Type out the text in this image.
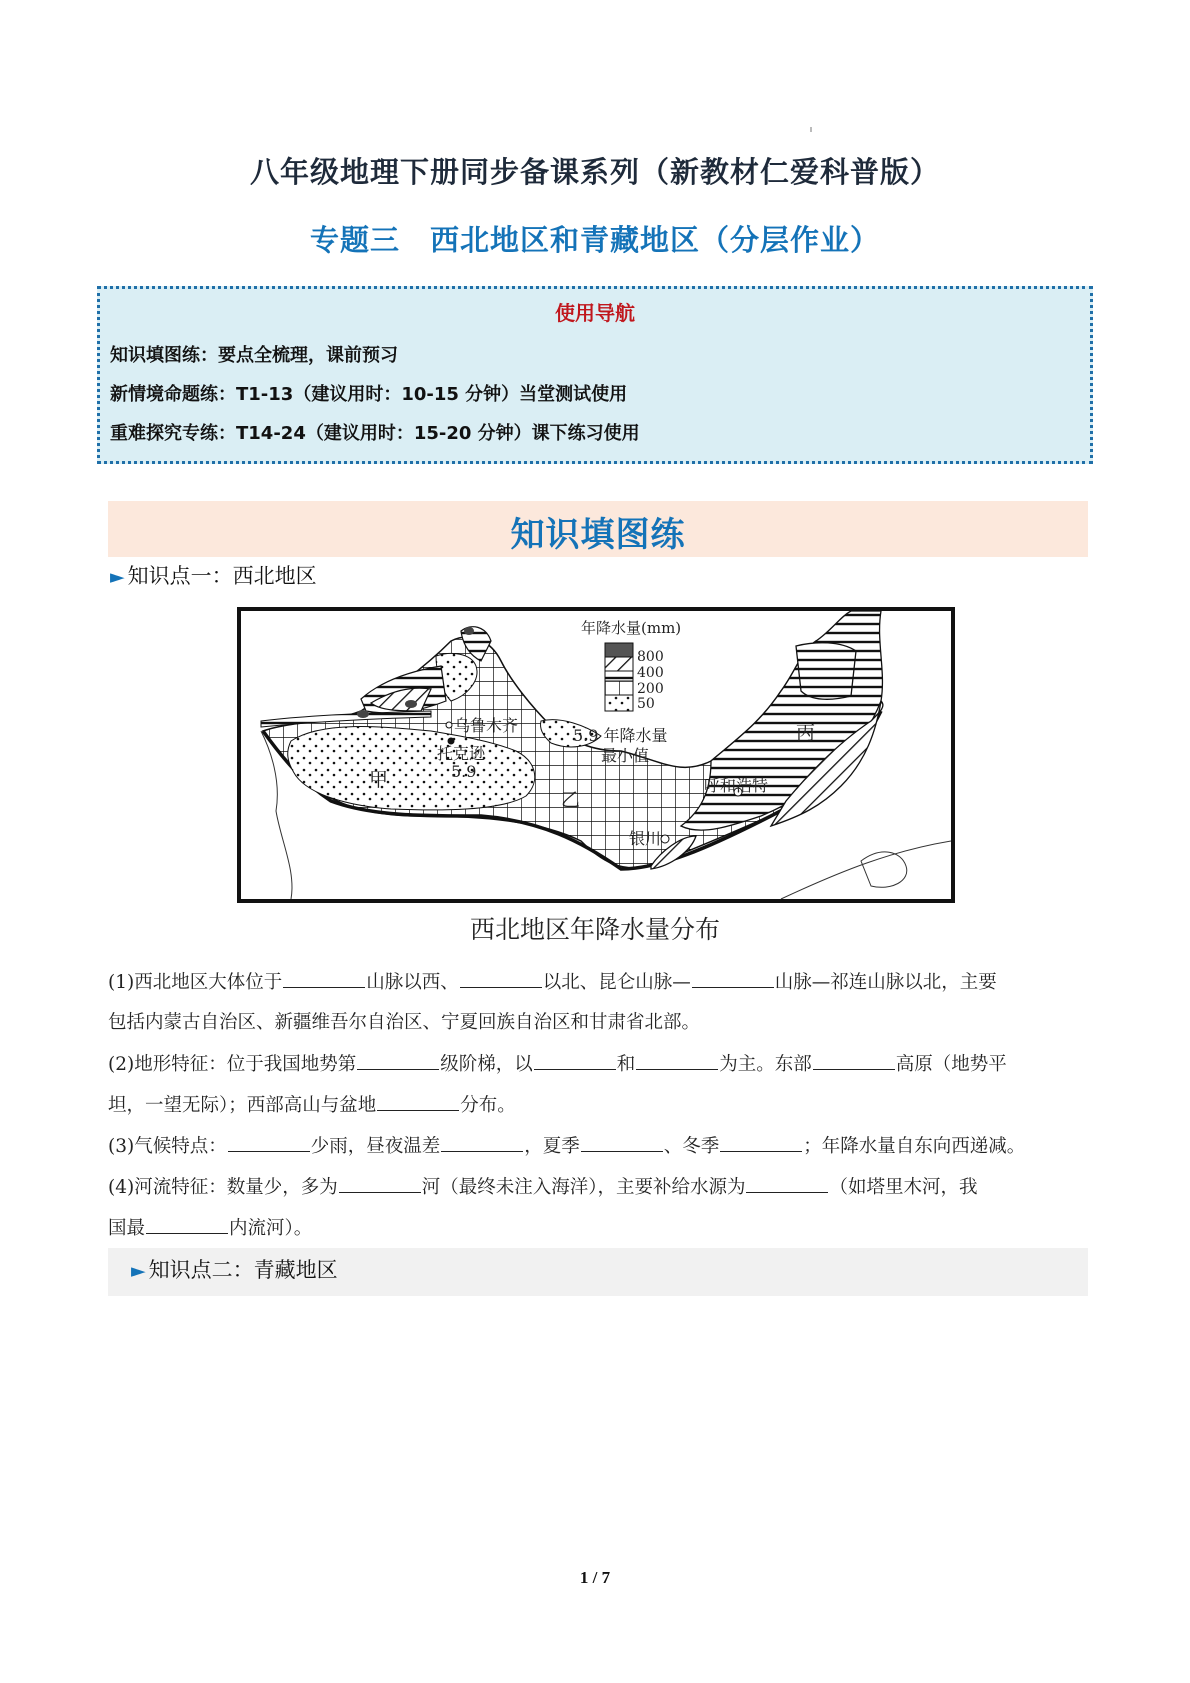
八年级地理下册同步备课系列（新教材仁爱科普版）
专题三　西北地区和青藏地区（分层作业）
使用导航
知识填图练：要点全梳理，课前预习
新情境命题练：T1-13（建议用时：10-15 分钟）当堂测试使用
重难探究专练：T14-24（建议用时：15-20 分钟）课下练习使用
知识填图练
► 知识点一：西北地区
年降水量(mm)
800
400
200
50
5.9 年降水量
最小值
乌鲁木齐
托克逊
5.9
呼和浩特
银川
甲
乙
丙
西北地区年降水量分布
(1)西北地区大体位于	山脉以西、	以北、昆仑山脉—	山脉—祁连山脉以北，主要
包括内蒙古自治区、新疆维吾尔自治区、宁夏回族自治区和甘肃省北部。
(2)地形特征：位于我国地势第	级阶梯，以	和	为主。东部	高原（地势平
坦，一望无际）；西部高山与盆地	分布。
(3)气候特点：	少雨，昼夜温差	，夏季	、冬季	；年降水量自东向西递减。
(4)河流特征：数量少，多为	河（最终未注入海洋），主要补给水源为	（如塔里木河，我
国最	内流河）。
► 知识点二：青藏地区
1 / 7
